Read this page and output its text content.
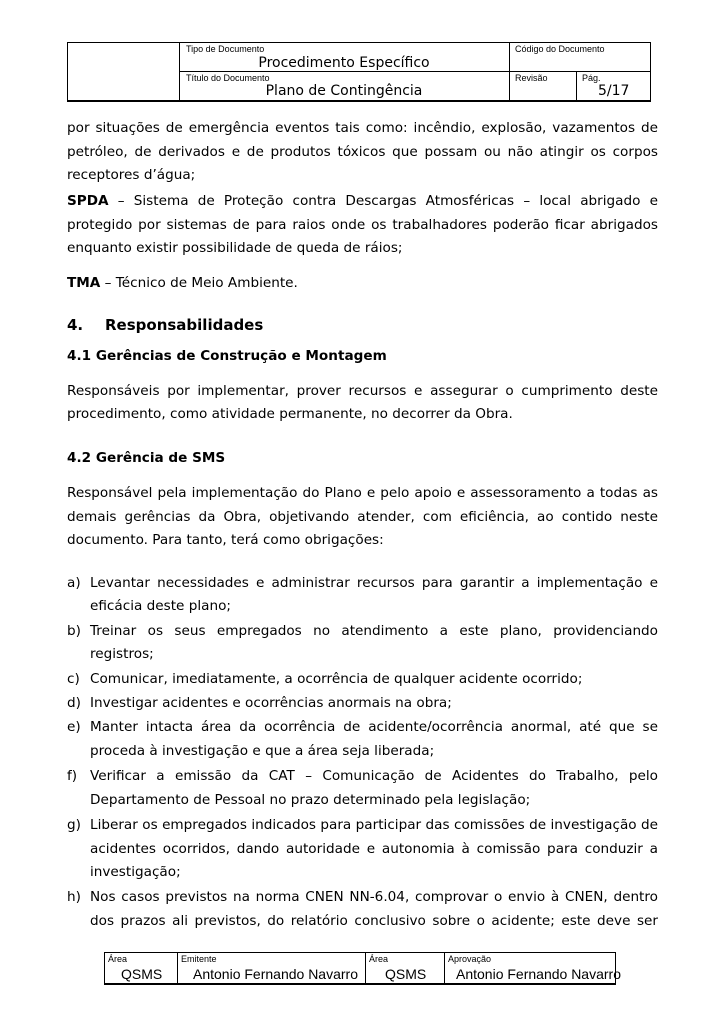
Tipo de Documento
Procedimento Específico
Código do Documento
Título do Documento
Plano de Contingência
Revisão	Pág.
5/17
por situações de emergência eventos tais como: incêndio, explosão, vazamentos de
petróleo, de derivados e de produtos tóxicos que possam ou não atingir os corpos
receptores d’água;
SPDA – Sistema de Proteção contra Descargas Atmosféricas – local abrigado e
protegido por sistemas de para raios onde os trabalhadores poderão ficar abrigados
enquanto existir possibilidade de queda de ráios;
TMA – Técnico de Meio Ambiente.
4. Responsabilidades
4.1 Gerências de Construção e Montagem
Responsáveis por implementar, prover recursos e assegurar o cumprimento deste
procedimento, como atividade permanente, no decorrer da Obra.
4.2 Gerência de SMS
Responsável pela implementação do Plano e pelo apoio e assessoramento a todas as
demais gerências da Obra, objetivando atender, com eficiência, ao contido neste
documento. Para tanto, terá como obrigações:
a) Levantar necessidades e administrar recursos para garantir a implementação e
eficácia deste plano;
b) Treinar os seus empregados no atendimento a este plano, providenciando
registros;
c) Comunicar, imediatamente, a ocorrência de qualquer acidente ocorrido;
d) Investigar acidentes e ocorrências anormais na obra;
e) Manter intacta área da ocorrência de acidente/ocorrência anormal, até que se
proceda à investigação e que a área seja liberada;
f) Verificar a emissão da CAT – Comunicação de Acidentes do Trabalho, pelo
Departamento de Pessoal no prazo determinado pela legislação;
g) Liberar os empregados indicados para participar das comissões de investigação de
acidentes ocorridos, dando autoridade e autonomia à comissão para conduzir a
investigação;
h) Nos casos previstos na norma CNEN NN-6.04, comprovar o envio à CNEN, dentro
dos prazos ali previstos, do relatório conclusivo sobre o acidente; este deve ser
Área
QSMS
Emitente
Antonio Fernando Navarro
Área
QSMS
Aprovação
Antonio Fernando Navarro
